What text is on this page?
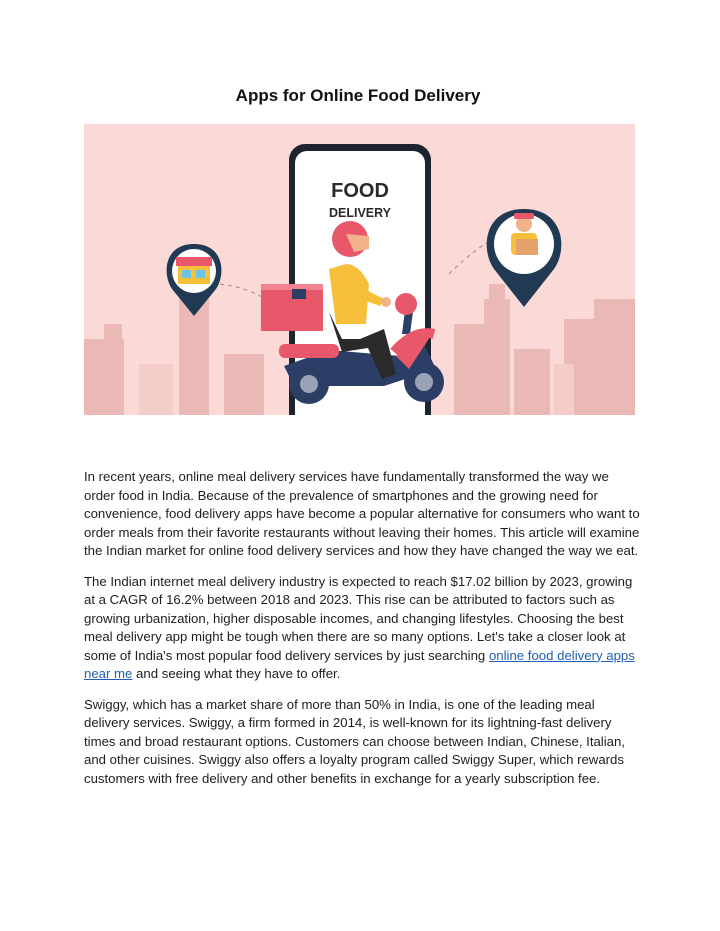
Apps for Online Food Delivery
FOOD
DELIVERY

In recent years, online meal delivery services have fundamentally transformed the way we order food in India. Because of the prevalence of smartphones and the growing need for convenience, food delivery apps have become a popular alternative for consumers who want to order meals from their favorite restaurants without leaving their homes. This article will examine the Indian market for online food delivery services and how they have changed the way we eat.

The Indian internet meal delivery industry is expected to reach $17.02 billion by 2023, growing at a CAGR of 16.2% between 2018 and 2023. This rise can be attributed to factors such as growing urbanization, higher disposable incomes, and changing lifestyles. Choosing the best meal delivery app might be tough when there are so many options. Let's take a closer look at some of India's most popular food delivery services by just searching online food delivery apps near me and seeing what they have to offer.

Swiggy, which has a market share of more than 50% in India, is one of the leading meal delivery services. Swiggy, a firm formed in 2014, is well-known for its lightning-fast delivery times and broad restaurant options. Customers can choose between Indian, Chinese, Italian, and other cuisines. Swiggy also offers a loyalty program called Swiggy Super, which rewards customers with free delivery and other benefits in exchange for a yearly subscription fee.
